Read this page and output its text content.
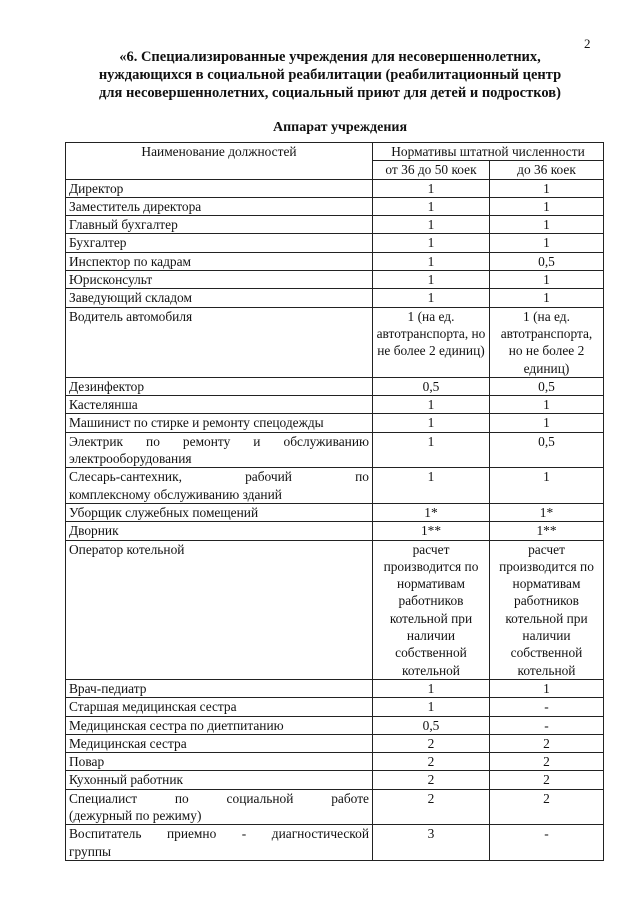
2
«6. Специализированные учреждения для несовершеннолетних,
нуждающихся в социальной реабилитации (реабилитационный центр
для несовершеннолетних, социальный приют для детей и подростков)
Аппарат учреждения
Наименование должностей	Нормативы штатной численности	
	от 36 до 50 коек	до 36 коек
Директор	1	1
Заместитель директора	1	1
Главный бухгалтер	1	1
Бухгалтер	1	1
Инспектор по кадрам	1	0,5
Юрисконсульт	1	1
Заведующий складом	1	1
Водитель автомобиля	1 (на ед. автотранспорта, но не более 2 единиц)	1 (на ед. автотранспорта, но не более 2 единиц)
Дезинфектор	0,5	0,5
Кастелянша	1	1
Машинист по стирке и ремонту спецодежды	1	1
Электрик по ремонту и обслуживанию
электрооборудования	1	0,5
Слесарь-сантехник, рабочий по
комплексному обслуживанию зданий	1	1
Уборщик служебных помещений	1*	1*
Дворник	1**	1**
Оператор котельной	расчет производится по нормативам работников котельной при наличии собственной котельной	расчет производится по нормативам работников котельной при наличии собственной котельной
Врач-педиатр	1	1
Старшая медицинская сестра	1	-
Медицинская сестра по диетпитанию	0,5	-
Медицинская сестра	2	2
Повар	2	2
Кухонный работник	2	2
Специалист по социальной работе
(дежурный по режиму)	2	2
Воспитатель приемно - диагностической
группы	3	-
